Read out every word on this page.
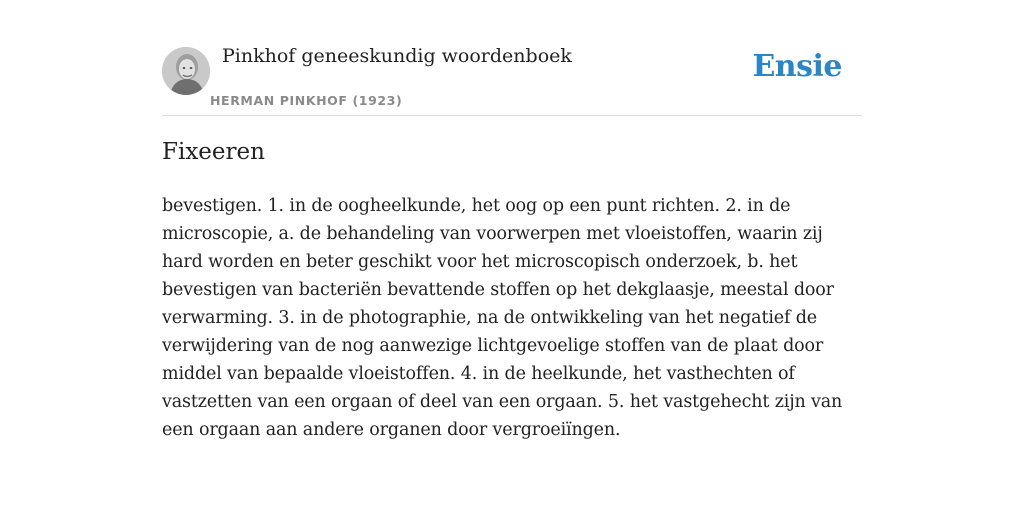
Pinkhof geneeskundig woordenboek
HERMAN PINKHOF (1923)
Ensie
Fixeeren

bevestigen. 1. in de oogheelkunde, het oog op een punt richten. 2. in de microscopie, a. de behandeling van voorwerpen met vloeistoffen, waarin zij hard worden en beter geschikt voor het microscopisch onderzoek, b. het bevestigen van bacteriën bevattende stoffen op het dekglaasje, meestal door verwarming. 3. in de photographie, na de ontwikkeling van het negatief de verwijdering van de nog aanwezige lichtgevoelige stoffen van de plaat door middel van bepaalde vloeistoffen. 4. in de heelkunde, het vasthechten of vastzetten van een orgaan of deel van een orgaan. 5. het vastgehecht zijn van een orgaan aan andere organen door vergroeiïngen.
